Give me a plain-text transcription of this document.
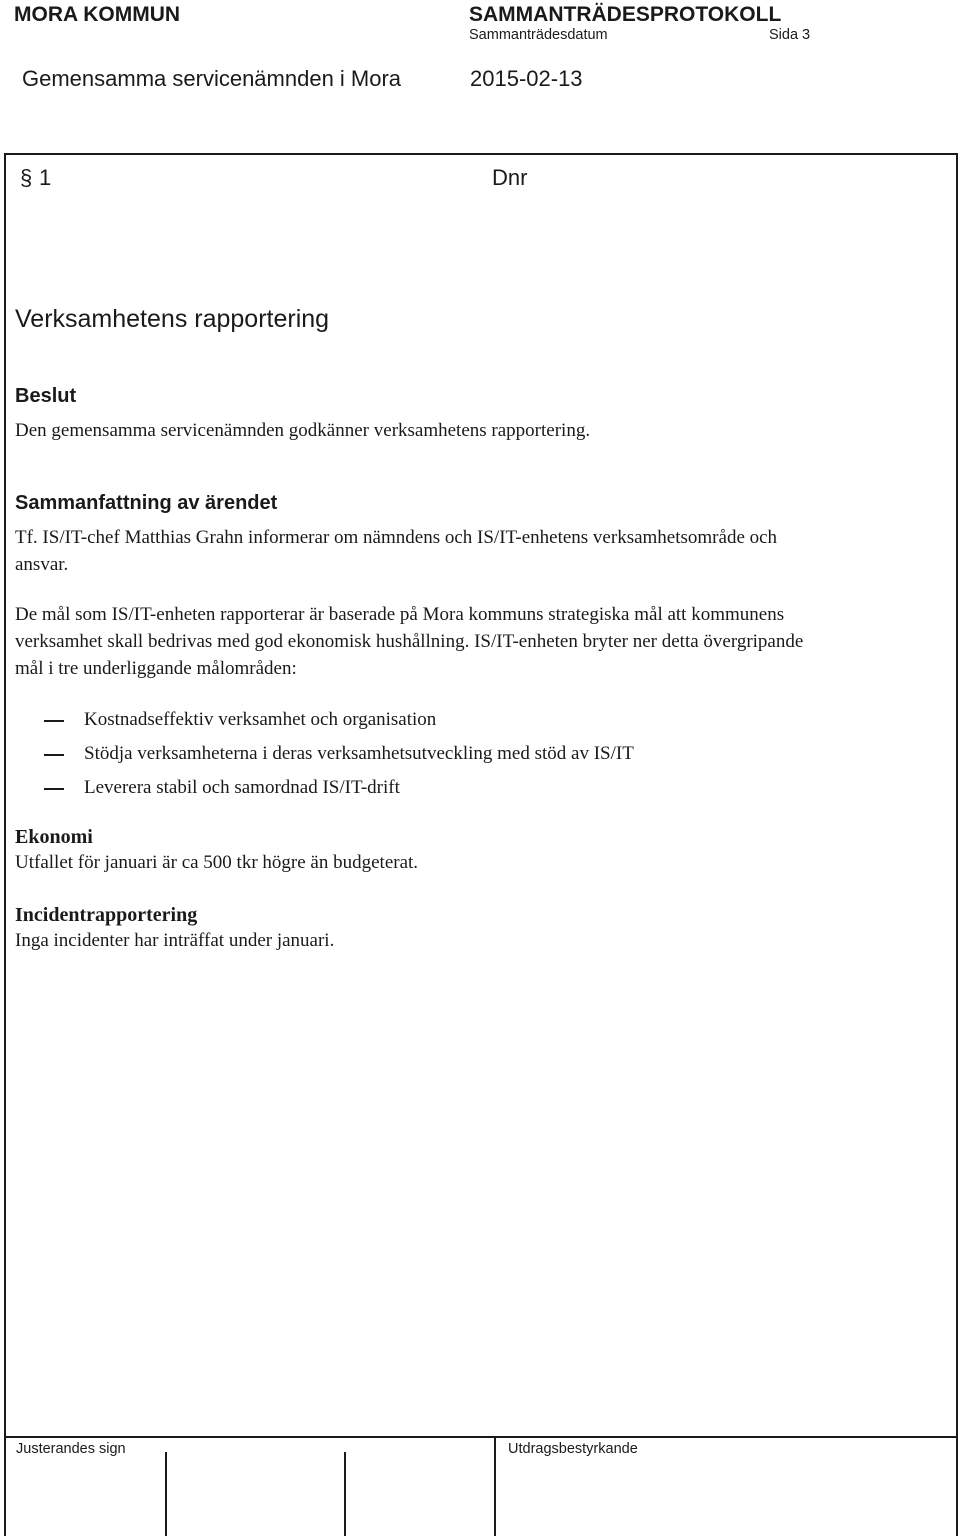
MORA KOMMUN	SAMMANTRÄDESPROTOKOLL
Sammanträdesdatum	Sida 3
Gemensamma servicenämnden i Mora	2015-02-13
§ 1	Dnr
Verksamhetens rapportering
Beslut
Den gemensamma servicenämnden godkänner verksamhetens rapportering.
Sammanfattning av ärendet
Tf. IS/IT-chef Matthias Grahn informerar om nämndens och IS/IT-enhetens verksamhetsområde och
ansvar.
De mål som IS/IT-enheten rapporterar är baserade på Mora kommuns strategiska mål att kommunens
verksamhet skall bedrivas med god ekonomisk hushållning. IS/IT-enheten bryter ner detta övergripande
mål i tre underliggande målområden:
Kostnadseffektiv verksamhet och organisation
Stödja verksamheterna i deras verksamhetsutveckling med stöd av IS/IT
Leverera stabil och samordnad IS/IT-drift
Ekonomi
Utfallet för januari är ca 500 tkr högre än budgeterat.
Incidentrapportering
Inga incidenter har inträffat under januari.
Justerandes sign	Utdragsbestyrkande
